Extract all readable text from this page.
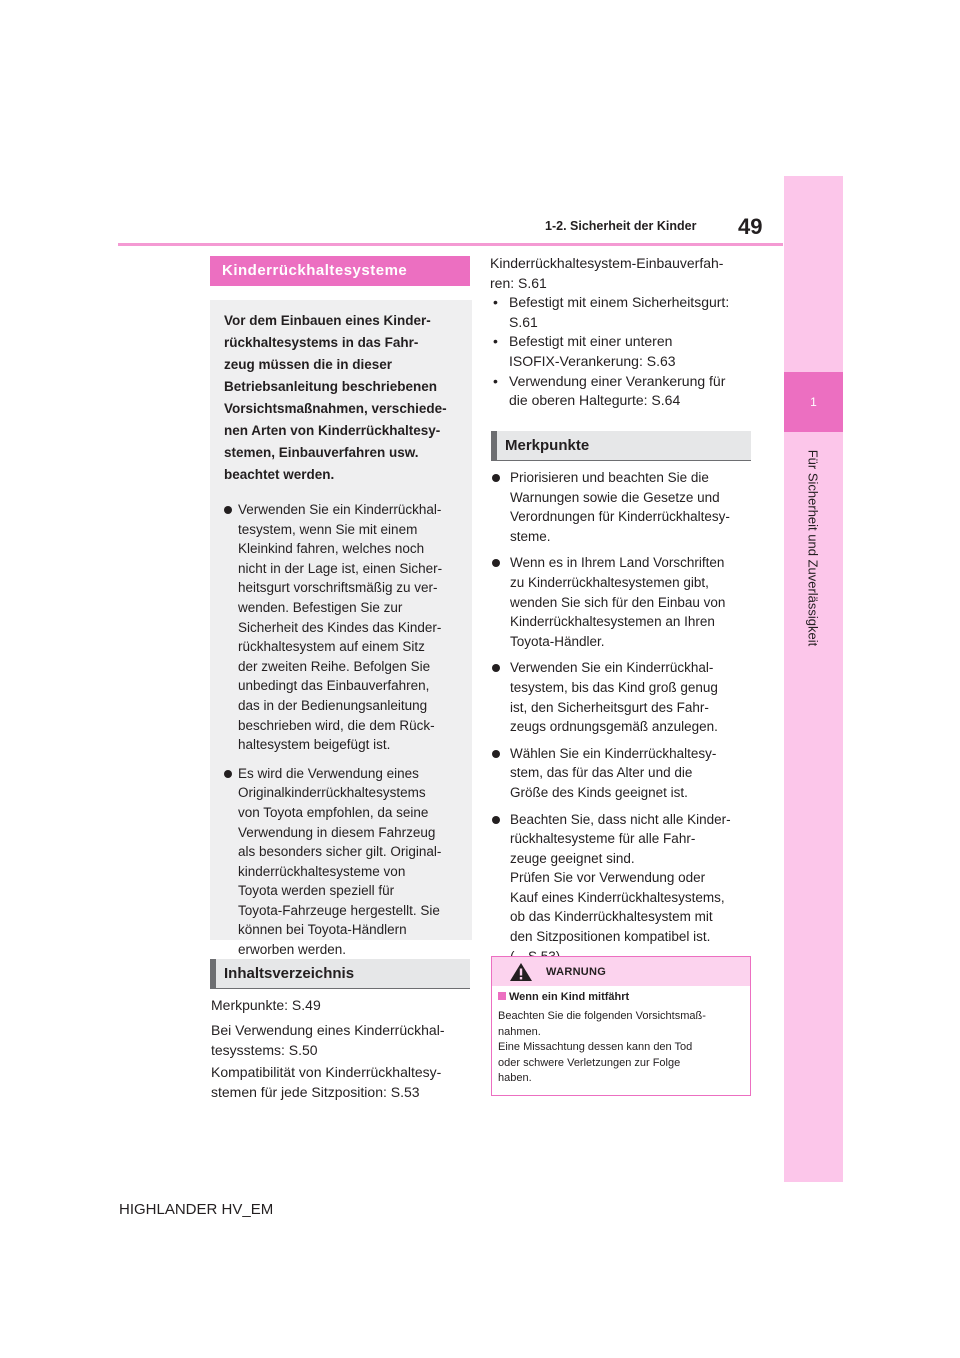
49
1-2. Sicherheit der Kinder
1
Für Sicherheit und Zuverlässigkeit
Kinderrückhaltesysteme
Vor dem Einbauen eines Kinder-
rückhaltesystems in das Fahr-
zeug müssen die in dieser
Betriebsanleitung beschriebenen
Vorsichtsmaßnahmen, verschiede-
nen Arten von Kinderrückhaltesy-
stemen, Einbauverfahren usw.
beachtet werden.
Verwenden Sie ein Kinderrückhal-
tesystem, wenn Sie mit einem
Kleinkind fahren, welches noch
nicht in der Lage ist, einen Sicher-
heitsgurt vorschriftsmäßig zu ver-
wenden. Befestigen Sie zur
Sicherheit des Kindes das Kinder-
rückhaltesystem auf einem Sitz
der zweiten Reihe. Befolgen Sie
unbedingt das Einbauverfahren,
das in der Bedienungsanleitung
beschrieben wird, die dem Rück-
haltesystem beigefügt ist.
Es wird die Verwendung eines
Originalkinderrückhaltesystems
von Toyota empfohlen, da seine
Verwendung in diesem Fahrzeug
als besonders sicher gilt. Original-
kinderrückhaltesysteme von
Toyota werden speziell für
Toyota-Fahrzeuge hergestellt. Sie
können bei Toyota-Händlern
erworben werden.
Inhaltsverzeichnis
Merkpunkte: S.49
Bei Verwendung eines Kinderrückhal-
tesysstems: S.50
Kompatibilität von Kinderrückhaltesy-
stemen für jede Sitzposition: S.53
Kinderrückhaltesystem-Einbauverfah-
ren: S.61
• Befestigt mit einem Sicherheitsgurt:
S.61
• Befestigt mit einer unteren
ISOFIX-Verankerung: S.63
• Verwendung einer Verankerung für
die oberen Haltegurte: S.64
Merkpunkte
Priorisieren und beachten Sie die
Warnungen sowie die Gesetze und
Verordnungen für Kinderrückhaltesy-
steme.
Wenn es in Ihrem Land Vorschriften
zu Kinderrückhaltesystemen gibt,
wenden Sie sich für den Einbau von
Kinderrückhaltesystemen an Ihren
Toyota-Händler.
Verwenden Sie ein Kinderrückhal-
tesystem, bis das Kind groß genug
ist, den Sicherheitsgurt des Fahr-
zeugs ordnungsgemäß anzulegen.
Wählen Sie ein Kinderrückhaltesy-
stem, das für das Alter und die
Größe des Kinds geeignet ist.
Beachten Sie, dass nicht alle Kinder-
rückhaltesysteme für alle Fahr-
zeuge geeignet sind.
Prüfen Sie vor Verwendung oder
Kauf eines Kinderrückhaltesystems,
ob das Kinderrückhaltesystem mit
den Sitzpositionen kompatibel ist.
WARNUNG
Wenn ein Kind mitfährt
Beachten Sie die folgenden Vorsichtsmaß-
nahmen.
Eine Missachtung dessen kann den Tod
oder schwere Verletzungen zur Folge
haben.
HIGHLANDER HV_EM
